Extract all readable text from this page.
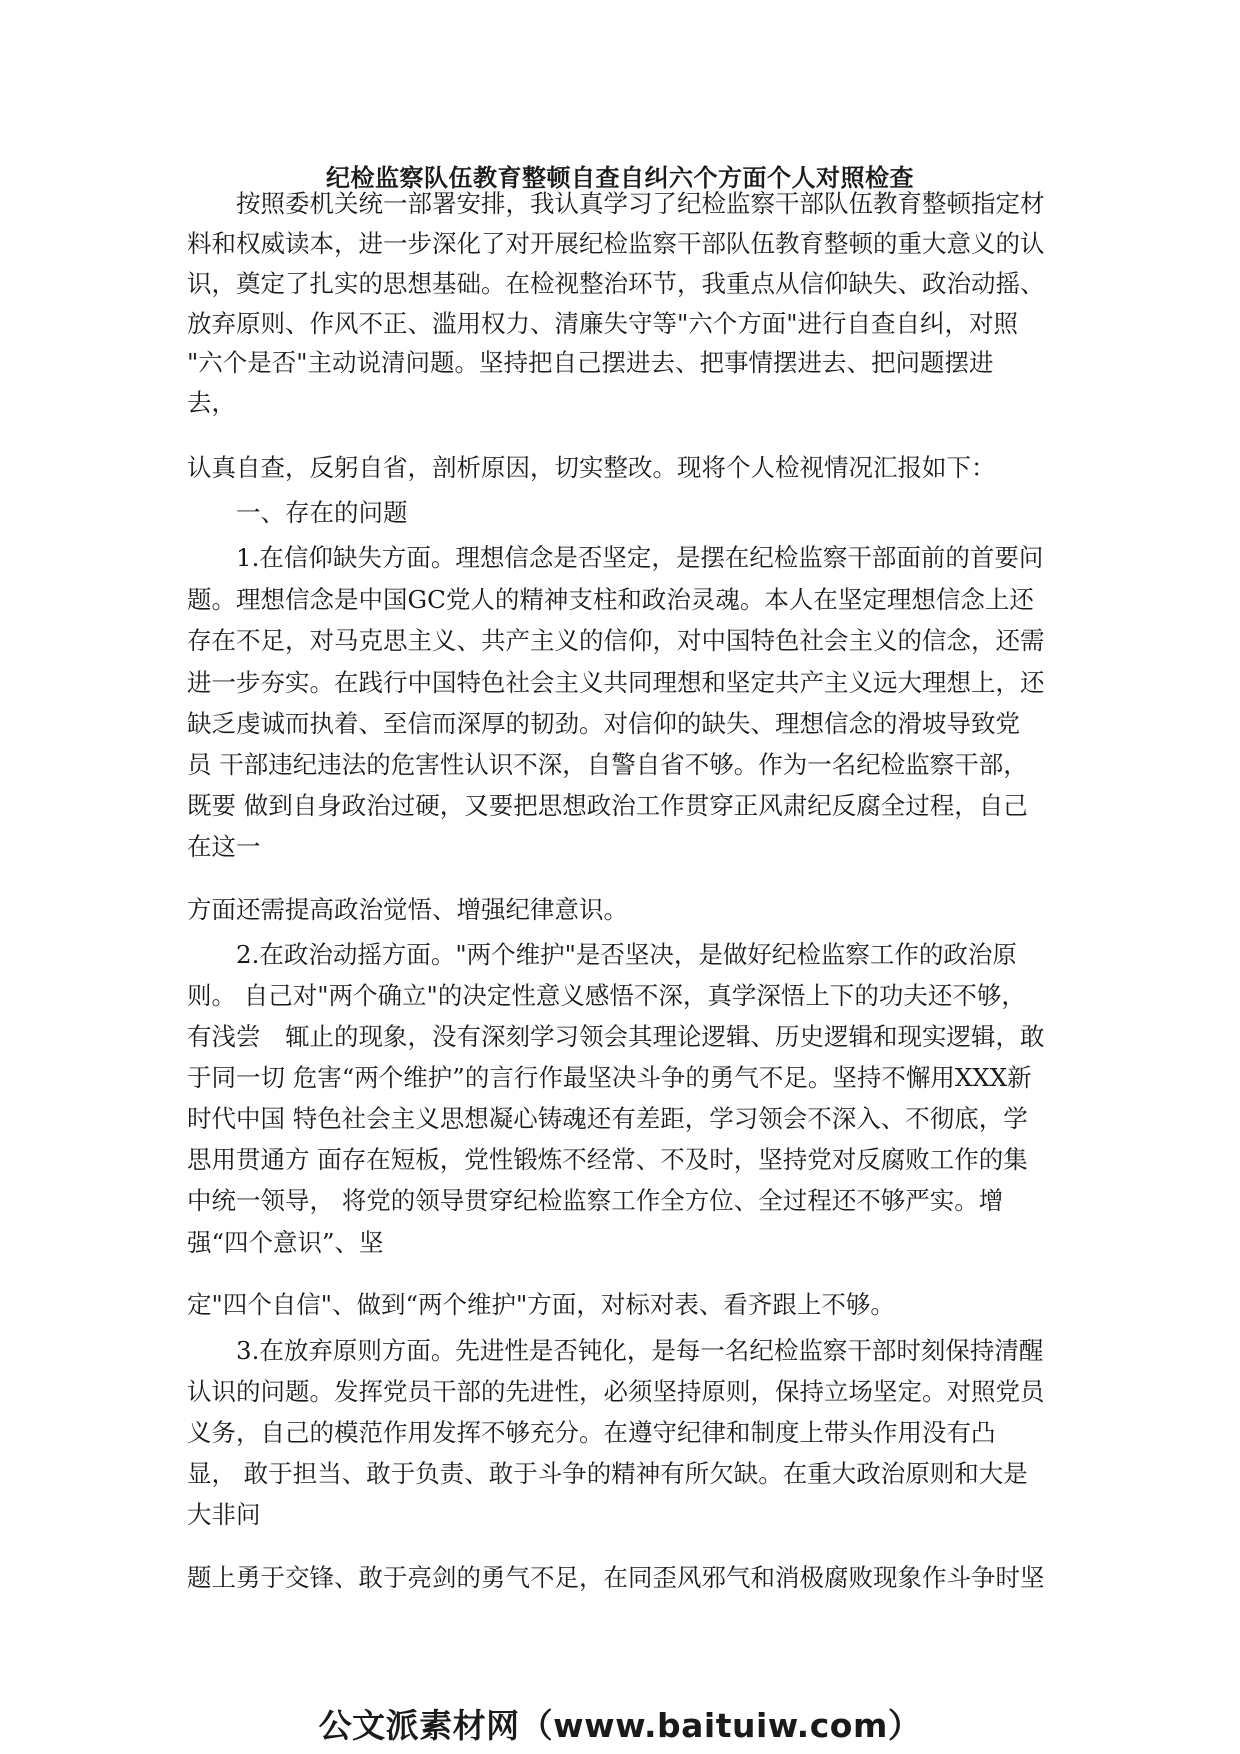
纪检监察队伍教育整顿自查自纠六个方面个人对照检查
　　按照委机关统一部署安排，我认真学习了纪检监察干部队伍教育整顿指定材
料和权威读本，进一步深化了对开展纪检监察干部队伍教育整顿的重大意义的认
识，奠定了扎实的思想基础。在检视整治环节，我重点从信仰缺失、政治动摇、
放弃原则、作风不正、滥用权力、清廉失守等"六个方面"进行自查自纠，对照
"六个是否"主动说清问题。坚持把自己摆进去、把事情摆进去、把问题摆进
去，
认真自查，反躬自省，剖析原因，切实整改。现将个人检视情况汇报如下：
　　一、存在的问题
　　1.在信仰缺失方面。理想信念是否坚定，是摆在纪检监察干部面前的首要问
题。理想信念是中国GC党人的精神支柱和政治灵魂。本人在坚定理想信念上还
存在不足，对马克思主义、共产主义的信仰，对中国特色社会主义的信念，还需
进一步夯实。在践行中国特色社会主义共同理想和坚定共产主义远大理想上，还
缺乏虔诚而执着、至信而深厚的韧劲。对信仰的缺失、理想信念的滑坡导致党
员 干部违纪违法的危害性认识不深，自警自省不够。作为一名纪检监察干部，
既要 做到自身政治过硬，又要把思想政治工作贯穿正风肃纪反腐全过程，自己
在这一
方面还需提高政治觉悟、增强纪律意识。
　　2.在政治动摇方面。"两个维护"是否坚决，是做好纪检监察工作的政治原
则。 自己对"两个确立"的决定性意义感悟不深，真学深悟上下的功夫还不够，
有浅尝　辄止的现象，没有深刻学习领会其理论逻辑、历史逻辑和现实逻辑，敢
于同一切 危害“两个维护”的言行作最坚决斗争的勇气不足。坚持不懈用XXX新
时代中国 特色社会主义思想凝心铸魂还有差距，学习领会不深入、不彻底，学
思用贯通方 面存在短板，党性锻炼不经常、不及时，坚持党对反腐败工作的集
中统一领导， 将党的领导贯穿纪检监察工作全方位、全过程还不够严实。增
强“四个意识”、坚
定"四个自信"、做到“两个维护"方面，对标对表、看齐跟上不够。
　　3.在放弃原则方面。先进性是否钝化，是每一名纪检监察干部时刻保持清醒
认识的问题。发挥党员干部的先进性，必须坚持原则，保持立场坚定。对照党员
义务，自己的模范作用发挥不够充分。在遵守纪律和制度上带头作用没有凸
显， 敢于担当、敢于负责、敢于斗争的精神有所欠缺。在重大政治原则和大是
大非问
题上勇于交锋、敢于亮剑的勇气不足，在同歪风邪气和消极腐败现象作斗争时坚
公文派素材网（www.baituiw.com）
